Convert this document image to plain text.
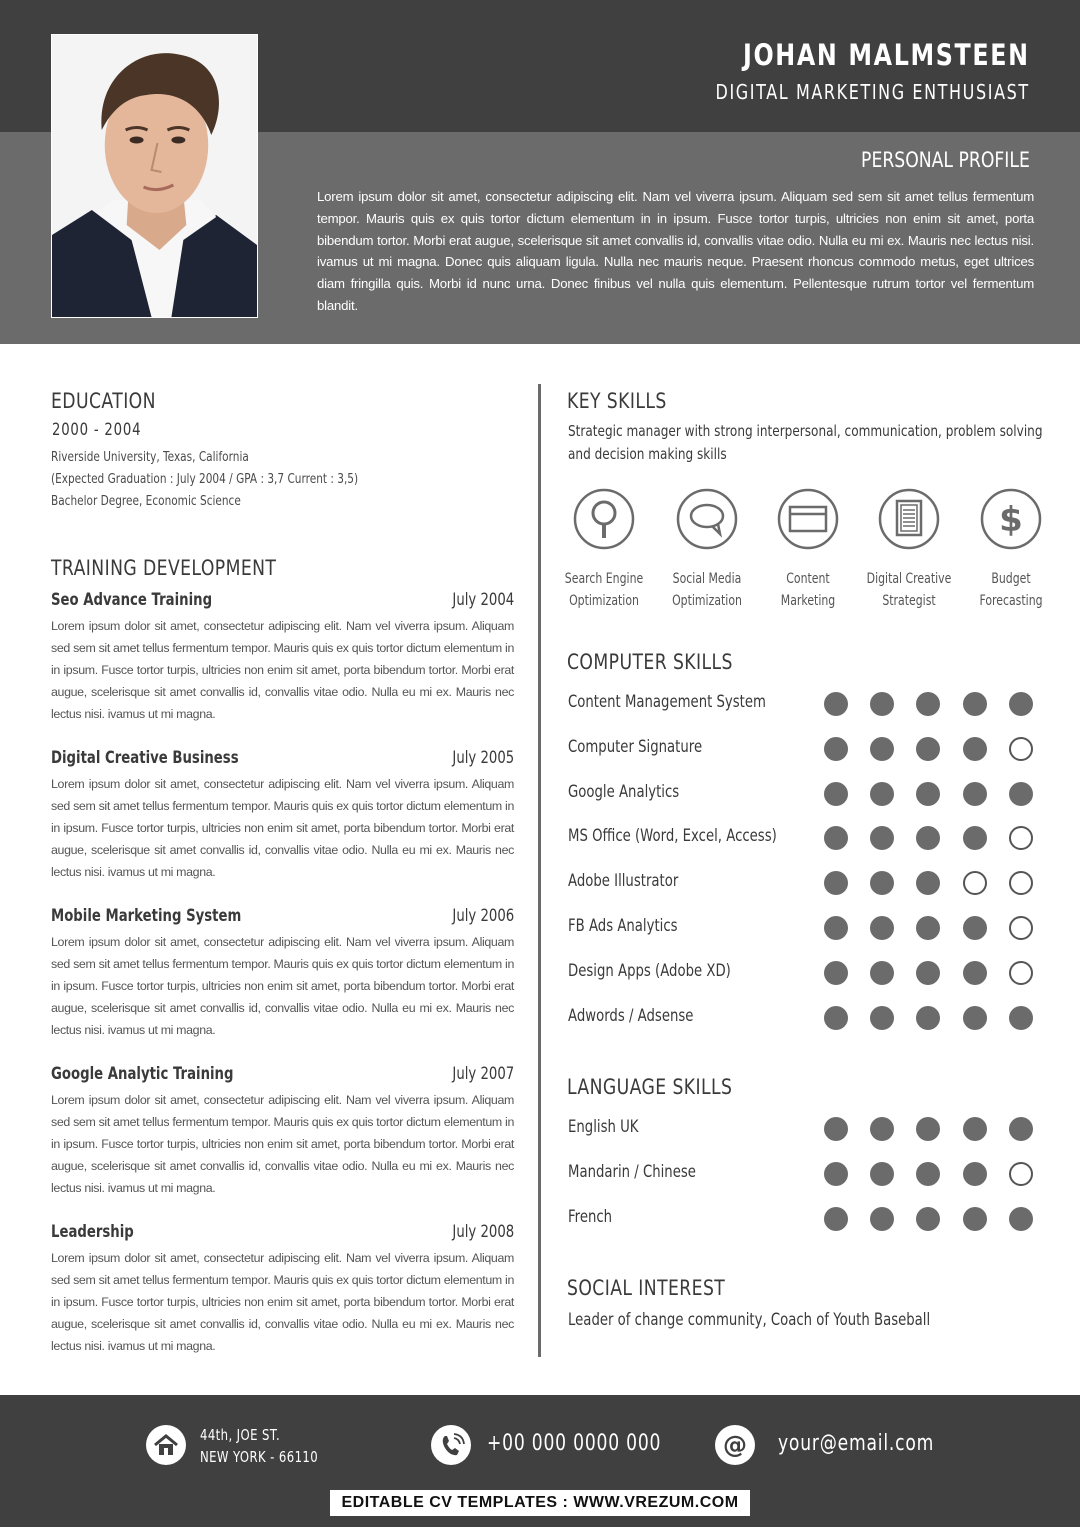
JOHAN MALMSTEEN
DIGITAL MARKETING ENTHUSIAST
PERSONAL PROFILE
Lorem ipsum dolor sit amet, consectetur adipiscing elit. Nam vel viverra ipsum. Aliquam sed sem sit amet tellus fermentum tempor. Mauris quis ex quis tortor dictum elementum in in ipsum. Fusce tortor turpis, ultricies non enim sit amet, porta bibendum tortor. Morbi erat augue, scelerisque sit amet convallis id, convallis vitae odio. Nulla eu mi ex. Mauris nec lectus nisi. ivamus ut mi magna. Donec quis aliquam ligula. Nulla nec mauris neque. Praesent rhoncus commodo metus, eget ultrices diam fringilla quis. Morbi id nunc urna. Donec finibus vel nulla quis elementum. Pellentesque rutrum tortor vel fermentum blandit.
EDUCATION
2000 - 2004
Riverside University, Texas, California
(Expected Graduation : July 2004 / GPA : 3,7 Current : 3,5)
Bachelor Degree, Economic Science
TRAINING DEVELOPMENT
Seo Advance Training	July 2004
Lorem ipsum dolor sit amet, consectetur adipiscing elit. Nam vel viverra ipsum. Aliquam sed sem sit amet tellus fermentum tempor. Mauris quis ex quis tortor dictum elementum in in ipsum. Fusce tortor turpis, ultricies non enim sit amet, porta bibendum tortor. Morbi erat augue, scelerisque sit amet convallis id, convallis vitae odio. Nulla eu mi ex. Mauris nec lectus nisi. ivamus ut mi magna.
Digital Creative Business	July 2005
Lorem ipsum dolor sit amet, consectetur adipiscing elit. Nam vel viverra ipsum. Aliquam sed sem sit amet tellus fermentum tempor. Mauris quis ex quis tortor dictum elementum in in ipsum. Fusce tortor turpis, ultricies non enim sit amet, porta bibendum tortor. Morbi erat augue, scelerisque sit amet convallis id, convallis vitae odio. Nulla eu mi ex. Mauris nec lectus nisi. ivamus ut mi magna.
Mobile Marketing System	July 2006
Lorem ipsum dolor sit amet, consectetur adipiscing elit. Nam vel viverra ipsum. Aliquam sed sem sit amet tellus fermentum tempor. Mauris quis ex quis tortor dictum elementum in in ipsum. Fusce tortor turpis, ultricies non enim sit amet, porta bibendum tortor. Morbi erat augue, scelerisque sit amet convallis id, convallis vitae odio. Nulla eu mi ex. Mauris nec lectus nisi. ivamus ut mi magna.
Google Analytic Training	July 2007
Lorem ipsum dolor sit amet, consectetur adipiscing elit. Nam vel viverra ipsum. Aliquam sed sem sit amet tellus fermentum tempor. Mauris quis ex quis tortor dictum elementum in in ipsum. Fusce tortor turpis, ultricies non enim sit amet, porta bibendum tortor. Morbi erat augue, scelerisque sit amet convallis id, convallis vitae odio. Nulla eu mi ex. Mauris nec lectus nisi. ivamus ut mi magna.
Leadership	July 2008
Lorem ipsum dolor sit amet, consectetur adipiscing elit. Nam vel viverra ipsum. Aliquam sed sem sit amet tellus fermentum tempor. Mauris quis ex quis tortor dictum elementum in in ipsum. Fusce tortor turpis, ultricies non enim sit amet, porta bibendum tortor. Morbi erat augue, scelerisque sit amet convallis id, convallis vitae odio. Nulla eu mi ex. Mauris nec lectus nisi. ivamus ut mi magna.
KEY SKILLS
Strategic manager with strong interpersonal, communication, problem solving and decision making skills
Search Engine
Optimization
Social Media
Optimization
Content
Marketing
Digital Creative
Strategist
$
Budget
Forecasting
COMPUTER SKILLS
Content Management System
Computer Signature
Google Analytics
MS Office (Word, Excel, Access)
Adobe Illustrator
FB Ads Analytics
Design Apps (Adobe XD)
Adwords / Adsense
LANGUAGE SKILLS
English UK
Mandarin / Chinese
French
SOCIAL INTEREST
Leader of change community, Coach of Youth Baseball
44th, JOE ST.
NEW YORK - 66110
+00 000 0000 000	@ your@email.com
EDITABLE CV TEMPLATES : WWW.VREZUM.COM
